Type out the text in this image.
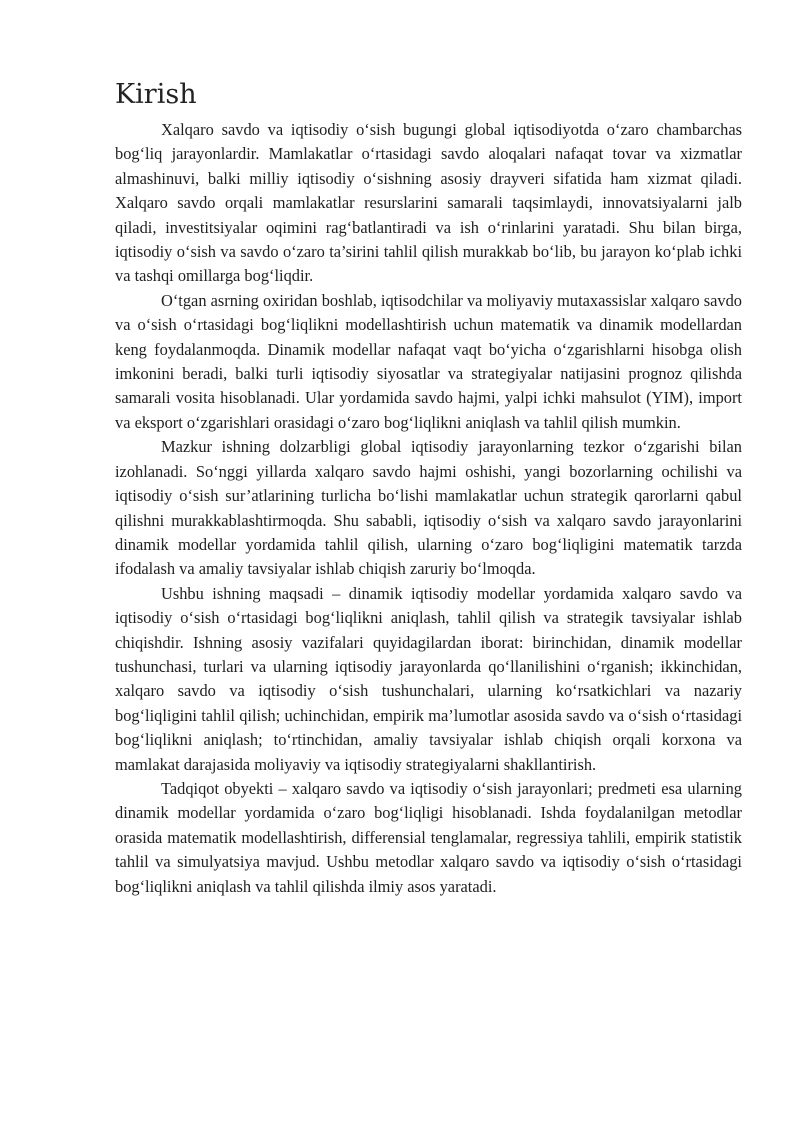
Kirish

Xalqaro savdo va iqtisodiy o‘sish bugungi global iqtisodiyotda o‘zaro chambarchas bog‘liq jarayonlardir. Mamlakatlar o‘rtasidagi savdo aloqalari nafaqat tovar va xizmatlar almashinuvi, balki milliy iqtisodiy o‘sishning asosiy drayveri sifatida ham xizmat qiladi. Xalqaro savdo orqali mamlakatlar resurslarini samarali taqsimlaydi, innovatsiyalarni jalb qiladi, investitsiyalar oqimini rag‘batlantiradi va ish o‘rinlarini yaratadi. Shu bilan birga, iqtisodiy o‘sish va savdo o‘zaro ta’sirini tahlil qilish murakkab bo‘lib, bu jarayon ko‘plab ichki va tashqi omillarga bog‘liqdir.

O‘tgan asrning oxiridan boshlab, iqtisodchilar va moliyaviy mutaxassislar xalqaro savdo va o‘sish o‘rtasidagi bog‘liqlikni modellashtirish uchun matematik va dinamik modellardan keng foydalanmoqda. Dinamik modellar nafaqat vaqt bo‘yicha o‘zgarishlarni hisobga olish imkonini beradi, balki turli iqtisodiy siyosatlar va strategiyalar natijasini prognoz qilishda samarali vosita hisoblanadi. Ular yordamida savdo hajmi, yalpi ichki mahsulot (YIM), import va eksport o‘zgarishlari orasidagi o‘zaro bog‘liqlikni aniqlash va tahlil qilish mumkin.

Mazkur ishning dolzarbligi global iqtisodiy jarayonlarning tezkor o‘zgarishi bilan izohlanadi. So‘nggi yillarda xalqaro savdo hajmi oshishi, yangi bozorlarning ochilishi va iqtisodiy o‘sish sur’atlarining turlicha bo‘lishi mamlakatlar uchun strategik qarorlarni qabul qilishni murakkablashtirmoqda. Shu sababli, iqtisodiy o‘sish va xalqaro savdo jarayonlarini dinamik modellar yordamida tahlil qilish, ularning o‘zaro bog‘liqligini matematik tarzda ifodalash va amaliy tavsiyalar ishlab chiqish zaruriy bo‘lmoqda.

Ushbu ishning maqsadi – dinamik iqtisodiy modellar yordamida xalqaro savdo va iqtisodiy o‘sish o‘rtasidagi bog‘liqlikni aniqlash, tahlil qilish va strategik tavsiyalar ishlab chiqishdir. Ishning asosiy vazifalari quyidagilardan iborat: birinchidan, dinamik modellar tushunchasi, turlari va ularning iqtisodiy jarayonlarda qo‘llanilishini o‘rganish; ikkinchidan, xalqaro savdo va iqtisodiy o‘sish tushunchalari, ularning ko‘rsatkichlari va nazariy bog‘liqligini tahlil qilish; uchinchidan, empirik ma’lumotlar asosida savdo va o‘sish o‘rtasidagi bog‘liqlikni aniqlash; to‘rtinchidan, amaliy tavsiyalar ishlab chiqish orqali korxona va mamlakat darajasida moliyaviy va iqtisodiy strategiyalarni shakllantirish.

Tadqiqot obyekti – xalqaro savdo va iqtisodiy o‘sish jarayonlari; predmeti esa ularning dinamik modellar yordamida o‘zaro bog‘liqligi hisoblanadi. Ishda foydalanilgan metodlar orasida matematik modellashtirish, differensial tenglamalar, regressiya tahlili, empirik statistik tahlil va simulyatsiya mavjud. Ushbu metodlar xalqaro savdo va iqtisodiy o‘sish o‘rtasidagi bog‘liqlikni aniqlash va tahlil qilishda ilmiy asos yaratadi.
